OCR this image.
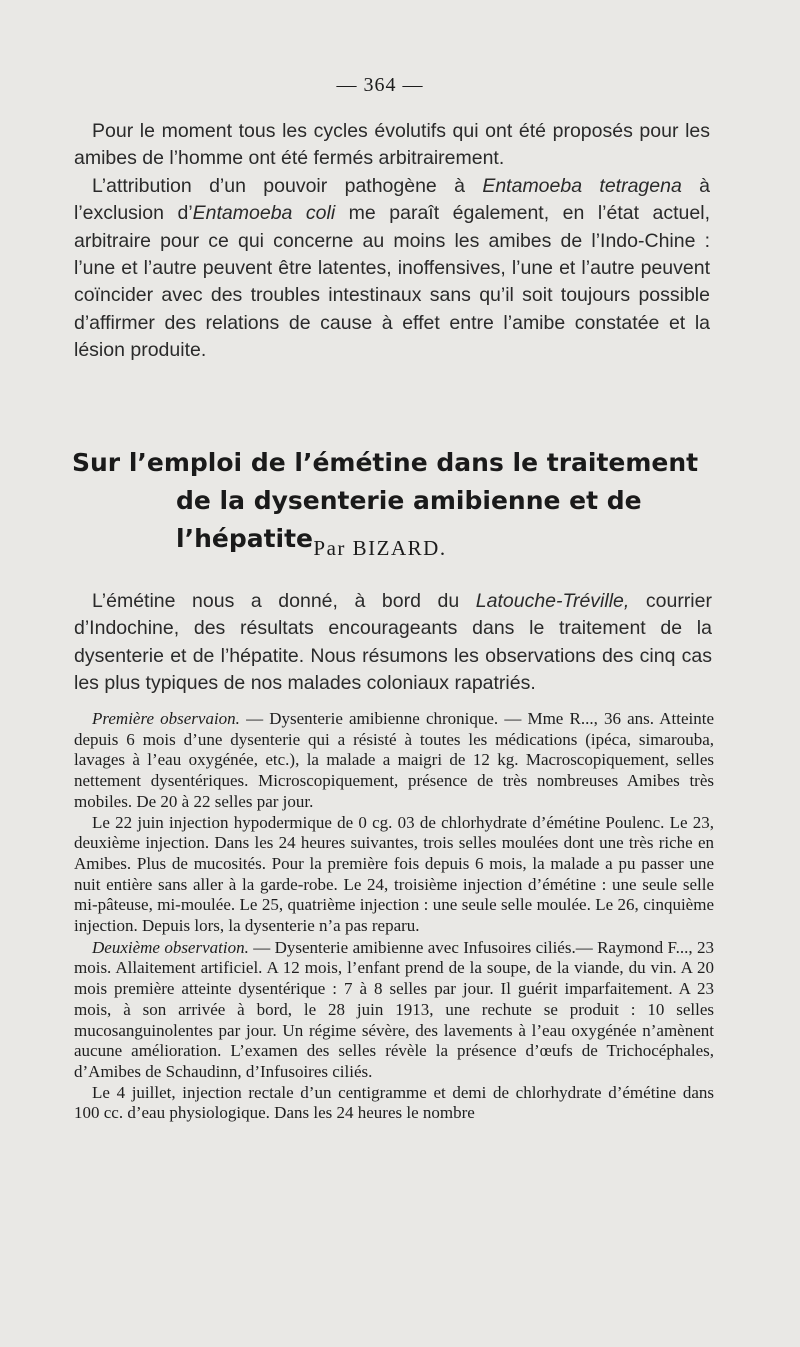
— 364 —

Pour le moment tous les cycles évolutifs qui ont été proposés pour les amibes de l’homme ont été fermés arbitrairement.

L’attribution d’un pouvoir pathogène à Entamoeba tetragena à l’exclusion d’Entamoeba coli me paraît également, en l’état actuel, arbitraire pour ce qui concerne au moins les amibes de l’Indo-Chine : l’une et l’autre peuvent être latentes, inoffensives, l’une et l’autre peuvent coïncider avec des troubles intestinaux sans qu’il soit toujours possible d’affirmer des relations de cause à effet entre l’amibe constatée et la lésion produite.

Sur l’emploi de l’émétine dans le traitement
de la dysenterie amibienne et de l’hépatite Par BIZARD.

L’émétine nous a donné, à bord du Latouche-Tréville, courrier d’Indochine, des résultats encourageants dans le traitement de la dysenterie et de l’hépatite. Nous résumons les observations des cinq cas les plus typiques de nos malades coloniaux rapatriés.

Première observaion. — Dysenterie amibienne chronique. — Mme R..., 36 ans. Atteinte depuis 6 mois d’une dysenterie qui a résisté à toutes les médications (ipéca, simarouba, lavages à l’eau oxygénée, etc.), la malade a maigri de 12 kg. Macroscopiquement, selles nettement dysentériques. Microscopiquement, présence de très nombreuses Amibes très mobiles. De 20 à 22 selles par jour.

Le 22 juin injection hypodermique de 0 cg. 03 de chlorhydrate d’émétine Poulenc. Le 23, deuxième injection. Dans les 24 heures suivantes, trois selles moulées dont une très riche en Amibes. Plus de mucosités. Pour la première fois depuis 6 mois, la malade a pu passer une nuit entière sans aller à la garde-robe. Le 24, troisième injection d’émétine : une seule selle mi-pâteuse, mi-moulée. Le 25, quatrième injection : une seule selle moulée. Le 26, cinquième injection. Depuis lors, la dysenterie n’a pas reparu.

Deuxième observation. — Dysenterie amibienne avec Infusoires ciliés.— Raymond F..., 23 mois. Allaitement artificiel. A 12 mois, l’enfant prend de la soupe, de la viande, du vin. A 20 mois première atteinte dysentérique : 7 à 8 selles par jour. Il guérit imparfaitement. A 23 mois, à son arrivée à bord, le 28 juin 1913, une rechute se produit : 10 selles mucosanguinolentes par jour. Un régime sévère, des lavements à l’eau oxygénée n’amènent aucune amélioration. L’examen des selles révèle la présence d’œufs de Trichocéphales, d’Amibes de Schaudinn, d’Infusoires ciliés.

Le 4 juillet, injection rectale d’un centigramme et demi de chlorhydrate d’émétine dans 100 cc. d’eau physiologique. Dans les 24 heures le nombre
